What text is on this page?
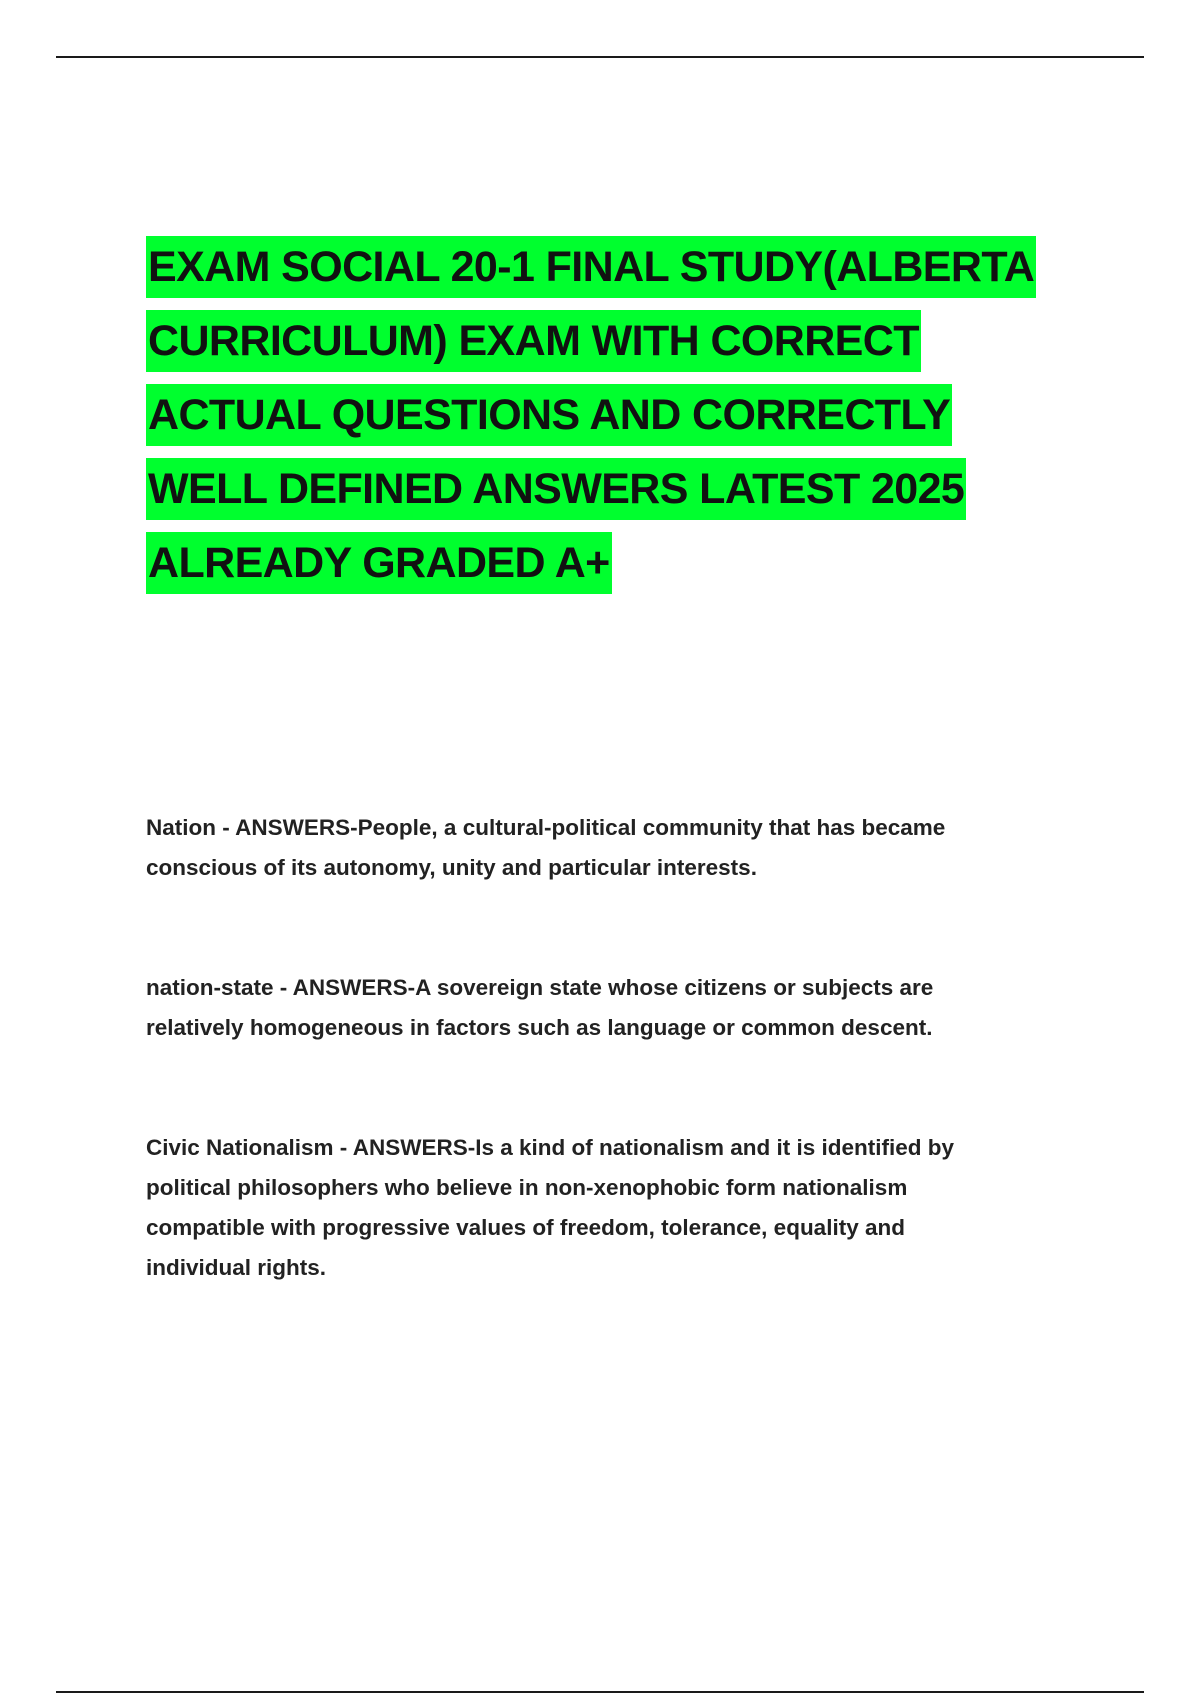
EXAM SOCIAL 20-1 FINAL STUDY(ALBERTA

CURRICULUM) EXAM WITH CORRECT

ACTUAL QUESTIONS AND CORRECTLY

WELL DEFINED ANSWERS LATEST 2025

ALREADY GRADED A+

Nation - ANSWERS-People, a cultural-political community that has became
conscious of its autonomy, unity and particular interests.
nation-state - ANSWERS-A sovereign state whose citizens or subjects are
relatively homogeneous in factors such as language or common descent.
Civic Nationalism - ANSWERS-Is a kind of nationalism and it is identified by
political philosophers who believe in non-xenophobic form nationalism
compatible with progressive values of freedom, tolerance, equality and
individual rights.
